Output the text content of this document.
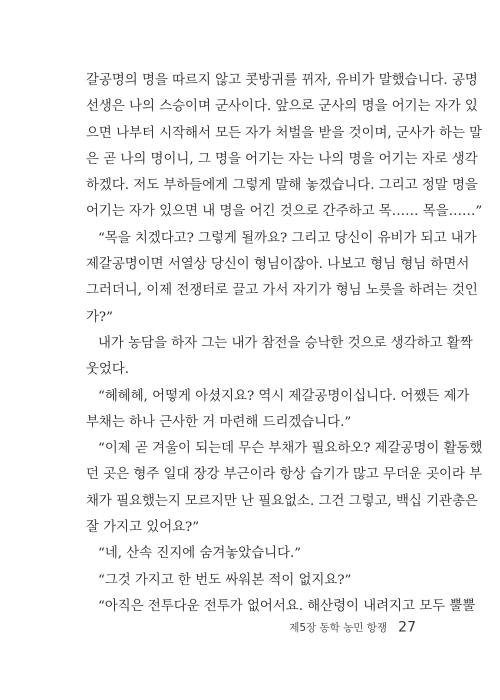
갈공명의 명을 따르지 않고 콧방귀를 뀌자, 유비가 말했습니다. 공명
선생은 나의 스승이며 군사이다. 앞으로 군사의 명을 어기는 자가 있
으면 나부터 시작해서 모든 자가 처벌을 받을 것이며, 군사가 하는 말
은 곧 나의 명이니, 그 명을 어기는 자는 나의 명을 어기는 자로 생각
하겠다. 저도 부하들에게 그렇게 말해 놓겠습니다. 그리고 정말 명을
어기는 자가 있으면 내 명을 어긴 것으로 간주하고 목…… 목을……”
“목을 치겠다고? 그렇게 될까요? 그리고 당신이 유비가 되고 내가
제갈공명이면 서열상 당신이 형님이잖아. 나보고 형님 형님 하면서
그러더니, 이제 전쟁터로 끌고 가서 자기가 형님 노릇을 하려는 것인
가?”
내가 농담을 하자 그는 내가 참전을 승낙한 것으로 생각하고 활짝
웃었다.
“헤헤헤, 어떻게 아셨지요? 역시 제갈공명이십니다. 어쨌든 제가
부채는 하나 근사한 거 마련해 드리겠습니다.”
“이제 곧 겨울이 되는데 무슨 부채가 필요하오? 제갈공명이 활동했
던 곳은 형주 일대 장강 부근이라 항상 습기가 많고 무더운 곳이라 부
채가 필요했는지 모르지만 난 필요없소. 그건 그렇고, 백십 기관총은
잘 가지고 있어요?”
“네, 산속 진지에 숨겨놓았습니다.”
“그것 가지고 한 번도 싸워본 적이 없지요?”
“아직은 전투다운 전투가 없어서요. 해산령이 내려지고 모두 뿔뿔
제5장 동학 농민 항쟁 27
